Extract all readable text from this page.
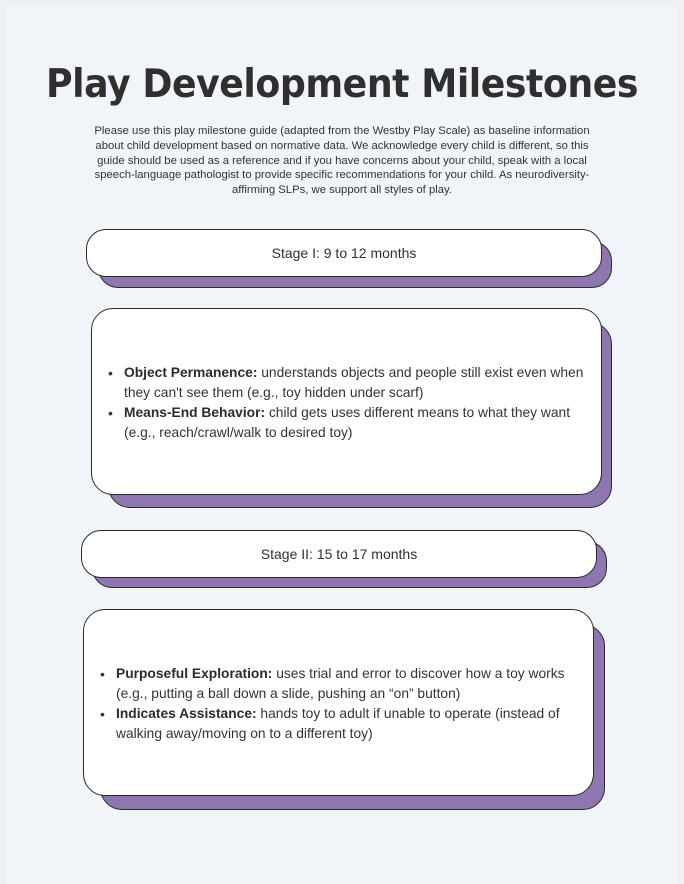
Play Development Milestones
Please use this play milestone guide (adapted from the Westby Play Scale) as baseline information about child development based on normative data. We acknowledge every child is different, so this guide should be used as a reference and if you have concerns about your child, speak with a local speech-language pathologist to provide specific recommendations for your child. As neurodiversity-affirming SLPs, we support all styles of play.
Stage I: 9 to 12 months
• Object Permanence: understands objects and people still exist even when they can't see them (e.g., toy hidden under scarf)
• Means-End Behavior: child gets uses different means to what they want (e.g., reach/crawl/walk to desired toy)
Stage II: 15 to 17 months
• Purposeful Exploration: uses trial and error to discover how a toy works (e.g., putting a ball down a slide, pushing an “on” button)
• Indicates Assistance: hands toy to adult if unable to operate (instead of walking away/moving on to a different toy)
